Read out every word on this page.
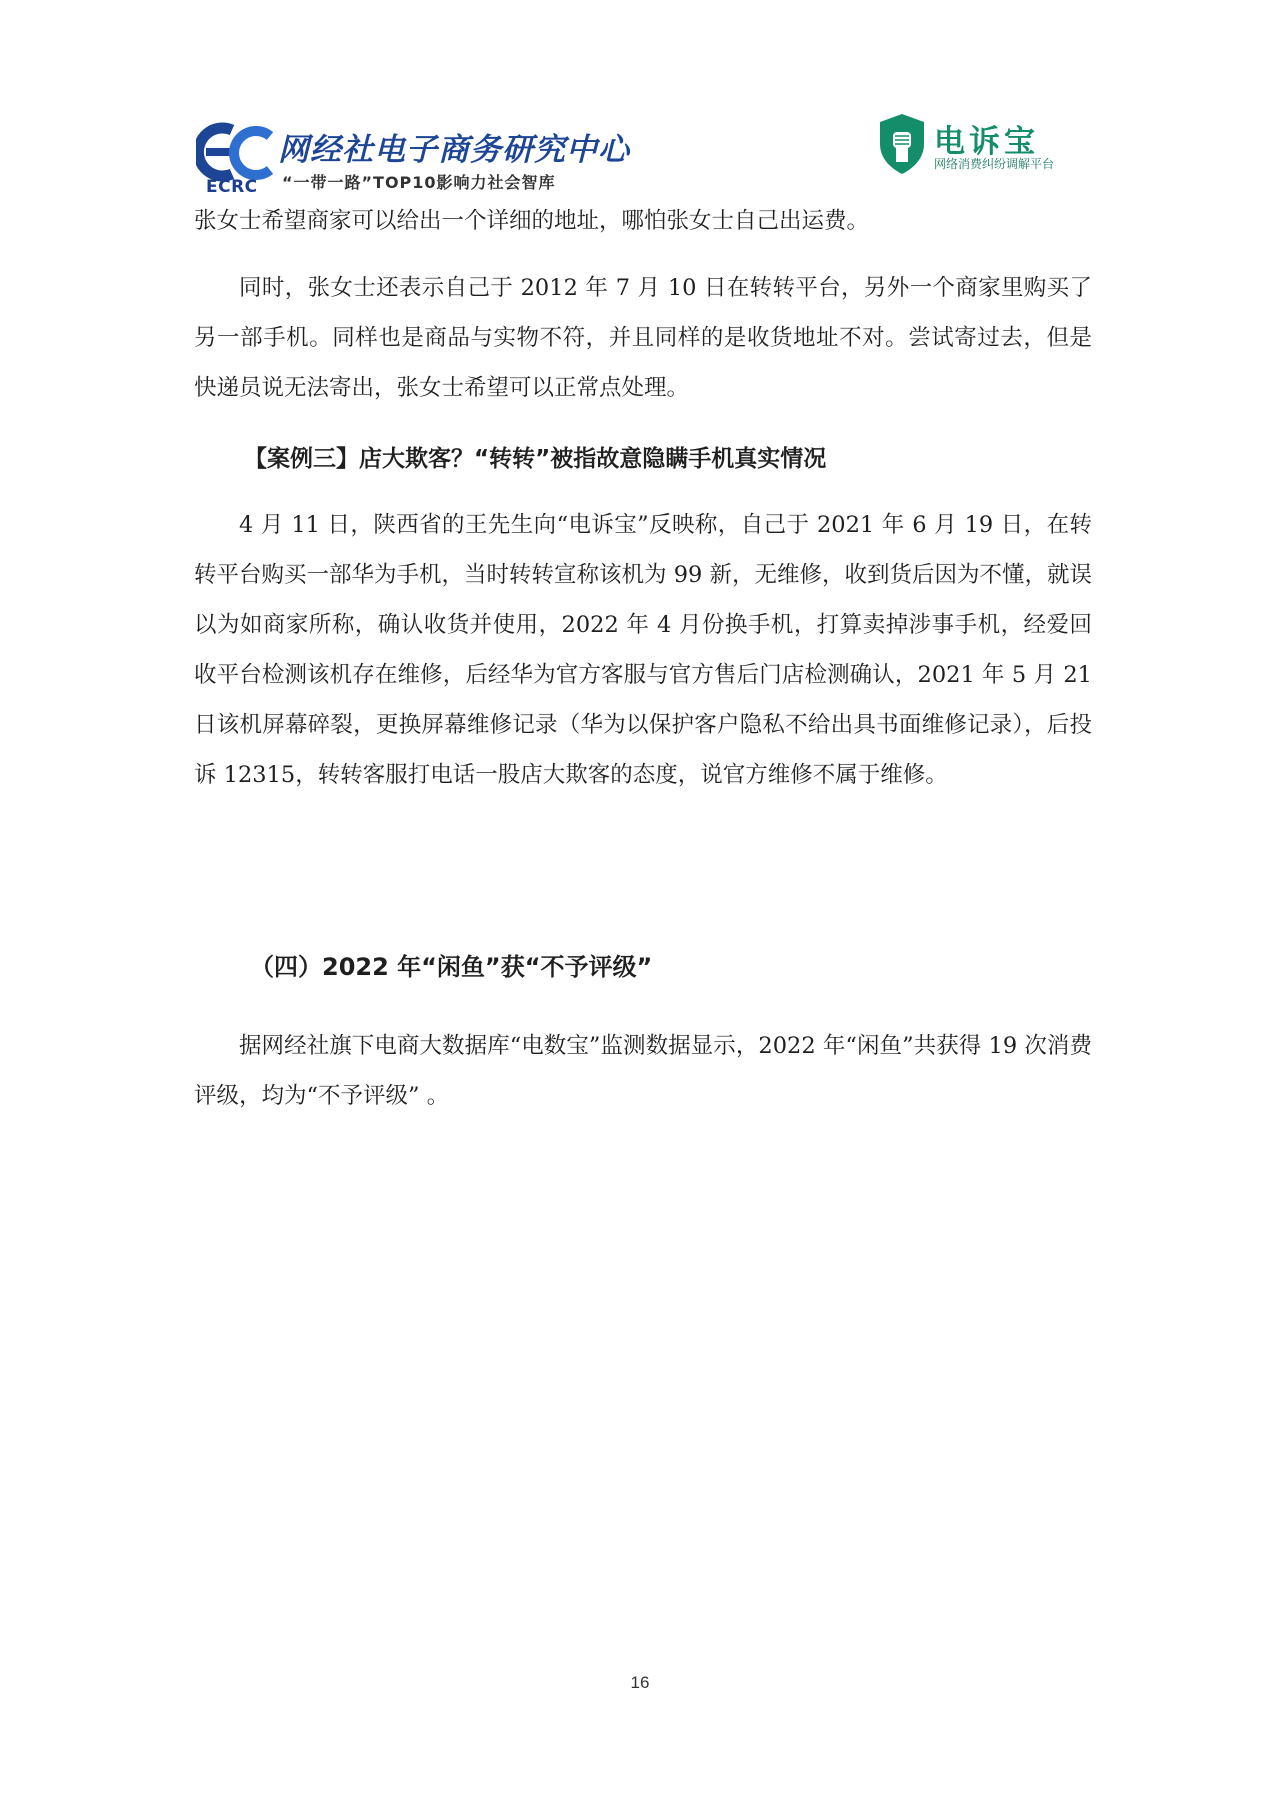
ECRC
网经社电子商务研究中心
“一带一路”TOP10影响力社会智库
电诉宝
网络消费纠纷调解平台

张女士希望商家可以给出一个详细的地址，哪怕张女士自己出运费。

同时，张女士还表示自己于 2012 年 7 月 10 日在转转平台，另外一个商家里购买了另一部手机。同样也是商品与实物不符，并且同样的是收货地址不对。尝试寄过去，但是快递员说无法寄出，张女士希望可以正常点处理。

【案例三】店大欺客？“转转”被指故意隐瞒手机真实情况

4 月 11 日，陕西省的王先生向“电诉宝”反映称，自己于 2021 年 6 月 19 日，在转转平台购买一部华为手机，当时转转宣称该机为 99 新，无维修，收到货后因为不懂，就误以为如商家所称，确认收货并使用，2022 年 4 月份换手机，打算卖掉涉事手机，经爱回收平台检测该机存在维修，后经华为官方客服与官方售后门店检测确认，2021 年 5 月 21 日该机屏幕碎裂，更换屏幕维修记录（华为以保护客户隐私不给出具书面维修记录），后投诉 12315，转转客服打电话一股店大欺客的态度，说官方维修不属于维修。

（四）2022 年“闲鱼”获“不予评级”

据网经社旗下电商大数据库“电数宝”监测数据显示，2022 年“闲鱼”共获得 19 次消费评级，均为“不予评级” 。

16
